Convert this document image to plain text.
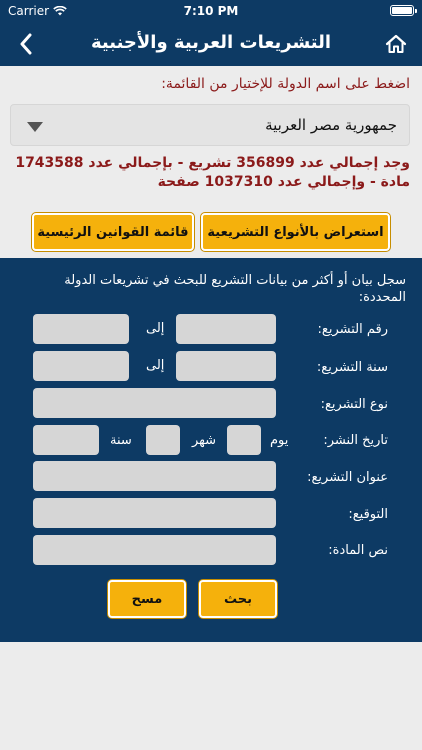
Carrier	7:10 PM
التشريعات العربية والأجنبية
اضغط على اسم الدولة للإختيار من القائمة:
جمهورية مصر العربية
وجد إجمالي عدد 356899 تشريع - بإجمالي عدد 1743588 مادة - وإجمالي عدد 1037310 صفحة
قائمة القوانين الرئيسية	استعراض بالأنواع التشريعية
سجل بيان أو أكثر من بيانات التشريع للبحث في تشريعات الدولة المحددة:
رقم التشريع:
إلى
سنة التشريع:
إلى
نوع التشريع:
تاريخ النشر:
يوم
شهر
سنة
عنوان التشريع:
التوقيع:
نص المادة:
بحث
مسح
